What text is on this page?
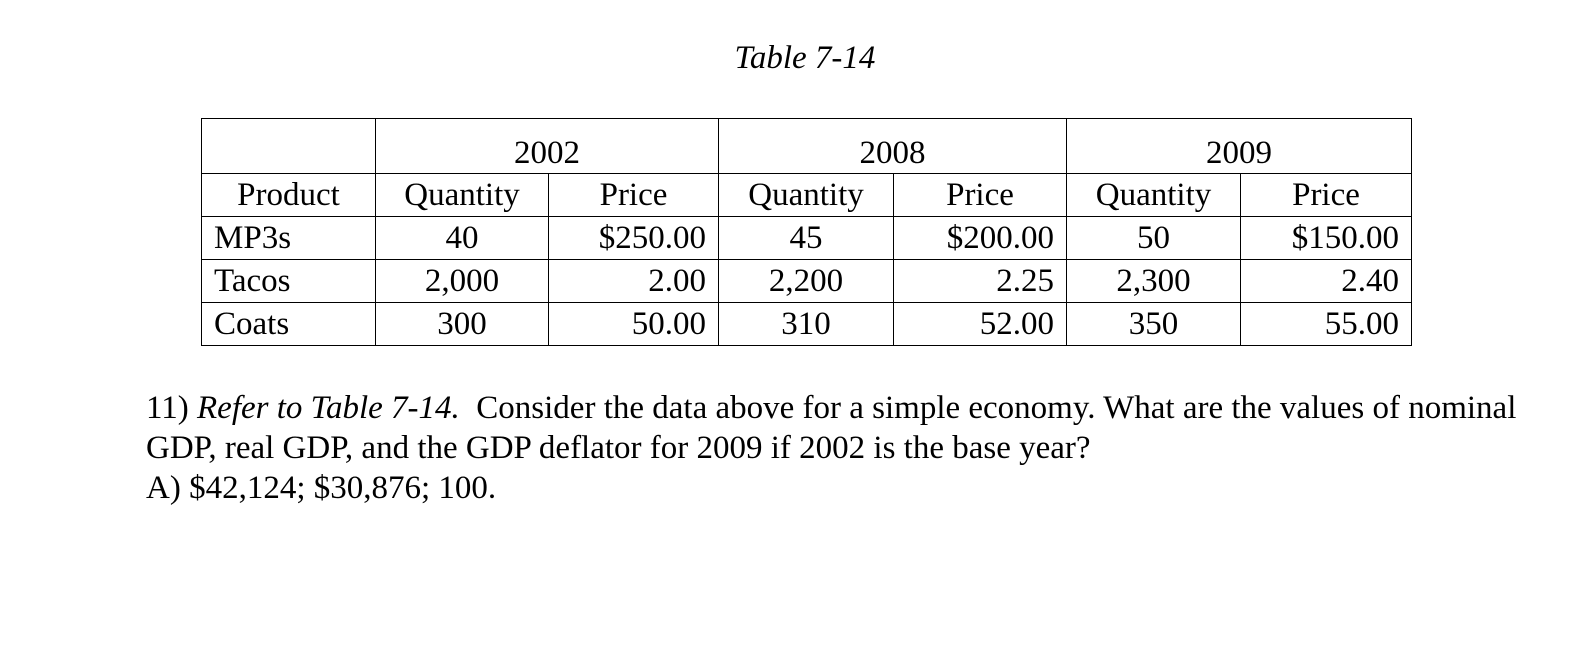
Table 7-14
	2002		2008		2009	
Product	Quantity	Price	Quantity	Price	Quantity	Price
MP3s	40	$250.00	45	$200.00	50	$150.00
Tacos	2,000	2.00	2,200	2.25	2,300	2.40
Coats	300	50.00	310	52.00	350	55.00
11) Refer to Table 7-14. Consider the data above for a simple economy. What are the values of nominal GDP, real GDP, and the GDP deflator for 2009 if 2002 is the base year?
A) $42,124; $30,876; 100.
